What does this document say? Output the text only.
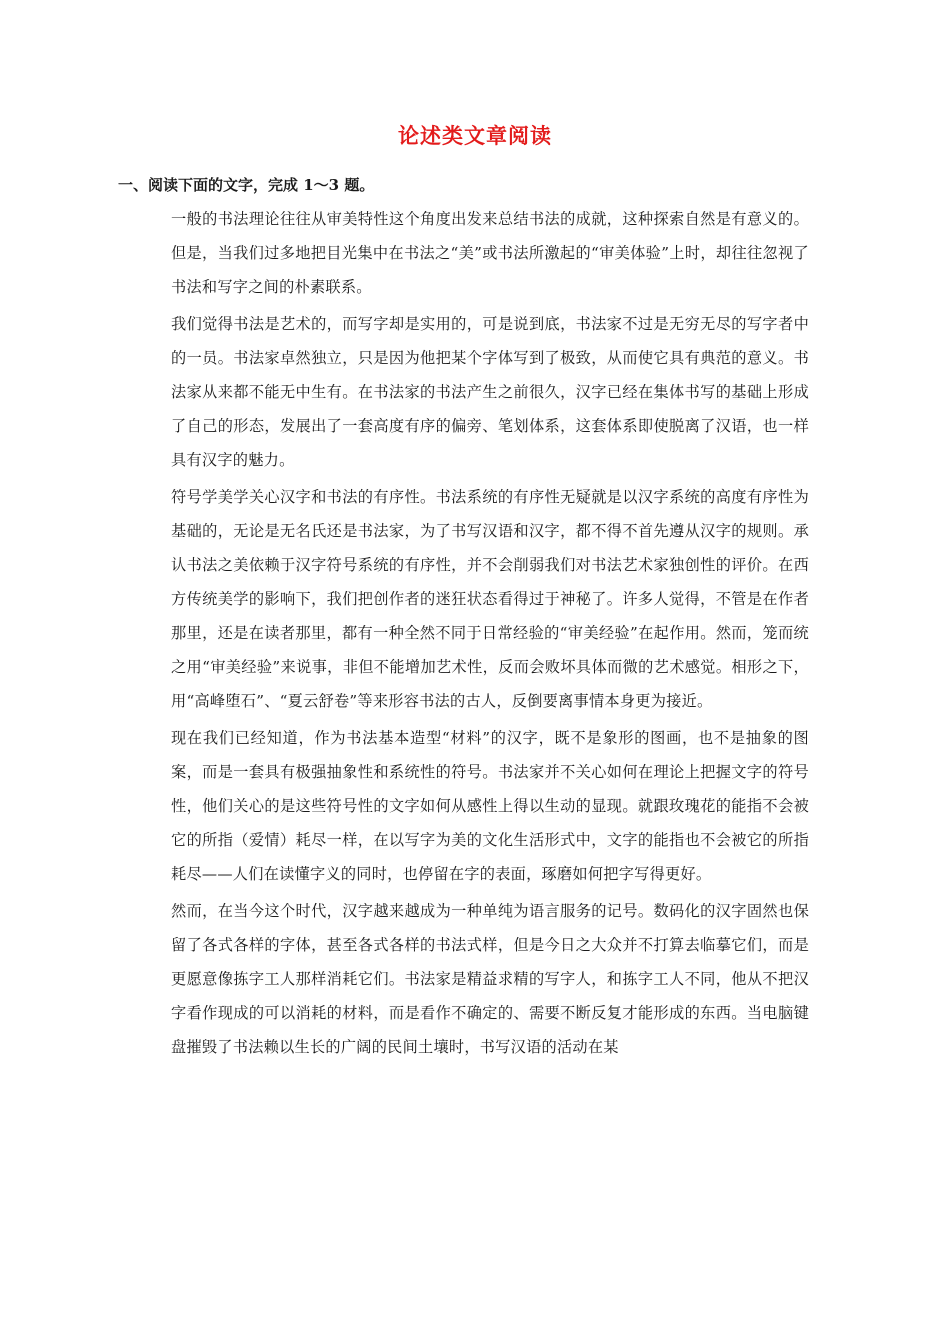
论述类文章阅读
一、阅读下面的文字，完成 1～3 题。

一般的书法理论往往从审美特性这个角度出发来总结书法的成就，这种探索自然是有意义的。但是，当我们过多地把目光集中在书法之“美”或书法所激起的“审美体验”上时，却往往忽视了书法和写字之间的朴素联系。

我们觉得书法是艺术的，而写字却是实用的，可是说到底，书法家不过是无穷无尽的写字者中的一员。书法家卓然独立，只是因为他把某个字体写到了极致，从而使它具有典范的意义。书法家从来都不能无中生有。在书法家的书法产生之前很久，汉字已经在集体书写的基础上形成了自己的形态，发展出了一套高度有序的偏旁、笔划体系，这套体系即使脱离了汉语，也一样具有汉字的魅力。

符号学美学关心汉字和书法的有序性。书法系统的有序性无疑就是以汉字系统的高度有序性为基础的，无论是无名氏还是书法家，为了书写汉语和汉字，都不得不首先遵从汉字的规则。承认书法之美依赖于汉字符号系统的有序性，并不会削弱我们对书法艺术家独创性的评价。在西方传统美学的影响下，我们把创作者的迷狂状态看得过于神秘了。许多人觉得，不管是在作者那里，还是在读者那里，都有一种全然不同于日常经验的“审美经验”在起作用。然而，笼而统之用“审美经验”来说事，非但不能增加艺术性，反而会败坏具体而微的艺术感觉。相形之下，用“高峰堕石”、“夏云舒卷”等来形容书法的古人，反倒要离事情本身更为接近。

现在我们已经知道，作为书法基本造型“材料”的汉字，既不是象形的图画，也不是抽象的图案，而是一套具有极强抽象性和系统性的符号。书法家并不关心如何在理论上把握文字的符号性，他们关心的是这些符号性的文字如何从感性上得以生动的显现。就跟玫瑰花的能指不会被它的所指（爱情）耗尽一样，在以写字为美的文化生活形式中，文字的能指也不会被它的所指耗尽——人们在读懂字义的同时，也停留在字的表面，琢磨如何把字写得更好。

然而，在当今这个时代，汉字越来越成为一种单纯为语言服务的记号。数码化的汉字固然也保留了各式各样的字体，甚至各式各样的书法式样，但是今日之大众并不打算去临摹它们，而是更愿意像拣字工人那样消耗它们。书法家是精益求精的写字人，和拣字工人不同，他从不把汉字看作现成的可以消耗的材料，而是看作不确定的、需要不断反复才能形成的东西。当电脑键盘摧毁了书法赖以生长的广阔的民间土壤时，书写汉语的活动在某
